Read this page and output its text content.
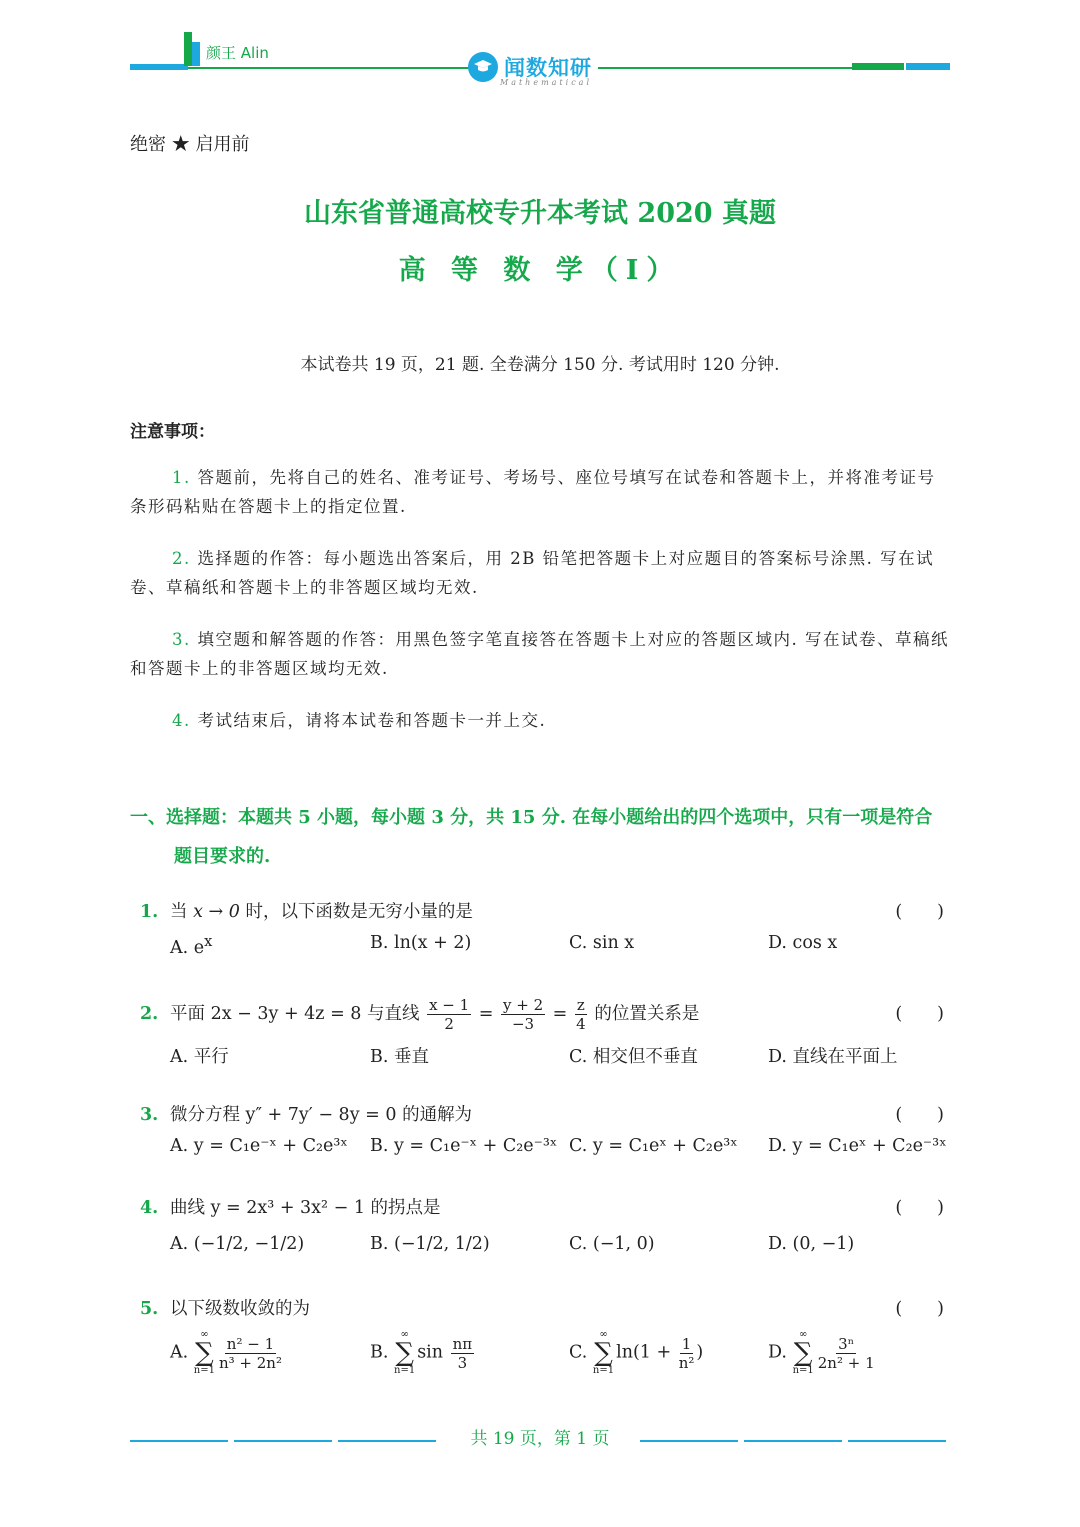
颜王 Alin
闻数知研
Mathematical
绝密 ★ 启用前
山东省普通高校专升本考试 2020 真题
高 等 数 学（Ⅰ）
本试卷共 19 页，21 题. 全卷满分 150 分. 考试用时 120 分钟.
注意事项：
1. 答题前，先将自己的姓名、准考证号、考场号、座位号填写在试卷和答题卡上，并将准考证号条形码粘贴在答题卡上的指定位置.
2. 选择题的作答：每小题选出答案后，用 2B 铅笔把答题卡上对应题目的答案标号涂黑. 写在试卷、草稿纸和答题卡上的非答题区域均无效.
3. 填空题和解答题的作答：用黑色签字笔直接答在答题卡上对应的答题区域内. 写在试卷、草稿纸和答题卡上的非答题区域均无效.
4. 考试结束后，请将本试卷和答题卡一并上交.
一、选择题：本题共 5 小题，每小题 3 分，共 15 分. 在每小题给出的四个选项中，只有一项是符合题目要求的.
1. 当 x → 0 时，以下函数是无穷小量的是	(　　)
A. $e^x$	B. ln(x + 2)	C. sin x	D. cos x
2. 平面 2x − 3y + 4z = 8 与直线 $\frac{x - 1}{2} = \frac{y + 2}{-3} = \frac{z}{4}$ 的位置关系是	(　　)
A. 平行	B. 垂直	C. 相交但不垂直	D. 直线在平面上
3. 微分方程 y″ + 7y′ − 8y = 0 的通解为	(　　)
A. y = C₁e⁻ˣ + C₂e³ˣ B. y = C₁e⁻ˣ + C₂e⁻³ˣ C. y = C₁eˣ + C₂e³ˣ D. y = C₁eˣ + C₂e⁻³ˣ
4. 曲线 y = 2x³ + 3x² − 1 的拐点是	(　　)
A. (−1/2, −1/2)	B. (−1/2, 1/2)	C. (−1, 0)	D. (0, −1)
5. 以下级数收敛的为	(　　)
A.
∞
∑
$n=1 \frac{\text{n² − 1}}{\text{n³ + 2n²}}$	B.
∞
∑
n=1
$\sin \frac{n\pi}{3}$	C.
∞
∑
n=1
$\ln(1 + \frac{1}{\text{n²}}$ )	D.
∞
∑
$n=1 \frac{\text{3ⁿ}}{\text{2n² + 1}}$
共 19 页，第 1 页
